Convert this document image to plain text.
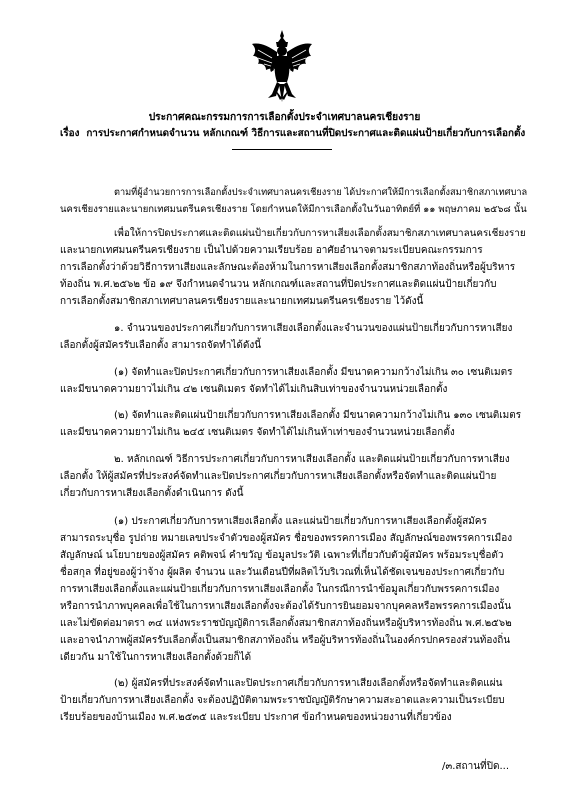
ประกาศคณะกรรมการการเลือกตั้งประจำเทศบาลนครเชียงราย
เรื่อง การประกาศกำหนดจำนวน หลักเกณฑ์ วิธีการและสถานที่ปิดประกาศและติดแผ่นป้ายเกี่ยวกับการเลือกตั้ง
ตามที่ผู้อำนวยการการเลือกตั้งประจำเทศบาลนครเชียงราย ได้ประกาศให้มีการเลือกตั้งสมาชิกสภาเทศบาล
นครเชียงรายและนายกเทศมนตรีนครเชียงราย โดยกำหนดให้มีการเลือกตั้งในวันอาทิตย์ที่ ๑๑ พฤษภาคม ๒๕๖๘ นั้น
เพื่อให้การปิดประกาศและติดแผ่นป้ายเกี่ยวกับการหาเสียงเลือกตั้งสมาชิกสภาเทศบาลนครเชียงราย
และนายกเทศมนตรีนครเชียงราย เป็นไปด้วยความเรียบร้อย อาศัยอำนาจตามระเบียบคณะกรรมการ
การเลือกตั้งว่าด้วยวิธีการหาเสียงและลักษณะต้องห้ามในการหาเสียงเลือกตั้งสมาชิกสภาท้องถิ่นหรือผู้บริหาร
ท้องถิ่น พ.ศ.๒๕๖๒ ข้อ ๑๙ จึงกำหนดจำนวน หลักเกณฑ์และสถานที่ปิดประกาศและติดแผ่นป้ายเกี่ยวกับ
การเลือกตั้งสมาชิกสภาเทศบาลนครเชียงรายและนายกเทศมนตรีนครเชียงราย ไว้ดังนี้
๑. จำนวนของประกาศเกี่ยวกับการหาเสียงเลือกตั้งและจำนวนของแผ่นป้ายเกี่ยวกับการหาเสียง
เลือกตั้งผู้สมัครรับเลือกตั้ง สามารถจัดทำได้ดังนี้
(๑) จัดทำและปิดประกาศเกี่ยวกับการหาเสียงเลือกตั้ง มีขนาดความกว้างไม่เกิน ๓๐ เซนติเมตร
และมีขนาดความยาวไม่เกิน ๔๒ เซนติเมตร จัดทำได้ไม่เกินสิบเท่าของจำนวนหน่วยเลือกตั้ง
(๒) จัดทำและติดแผ่นป้ายเกี่ยวกับการหาเสียงเลือกตั้ง มีขนาดความกว้างไม่เกิน ๑๓๐ เซนติเมตร
และมีขนาดความยาวไม่เกิน ๒๔๕ เซนติเมตร จัดทำได้ไม่เกินห้าเท่าของจำนวนหน่วยเลือกตั้ง
๒. หลักเกณฑ์ วิธีการประกาศเกี่ยวกับการหาเสียงเลือกตั้ง และติดแผ่นป้ายเกี่ยวกับการหาเสียง
เลือกตั้ง ให้ผู้สมัครที่ประสงค์จัดทำและปิดประกาศเกี่ยวกับการหาเสียงเลือกตั้งหรือจัดทำและติดแผ่นป้าย
เกี่ยวกับการหาเสียงเลือกตั้งดำเนินการ ดังนี้
(๑) ประกาศเกี่ยวกับการหาเสียงเลือกตั้ง และแผ่นป้ายเกี่ยวกับการหาเสียงเลือกตั้งผู้สมัคร
สามารถระบุชื่อ รูปถ่าย หมายเลขประจำตัวของผู้สมัคร ชื่อของพรรคการเมือง สัญลักษณ์ของพรรคการเมือง
สัญลักษณ์ นโยบายของผู้สมัคร คติพจน์ คำขวัญ ข้อมูลประวัติ เฉพาะที่เกี่ยวกับตัวผู้สมัคร พร้อมระบุชื่อตัว
ชื่อสกุล ที่อยู่ของผู้ว่าจ้าง ผู้ผลิต จำนวน และวันเดือนปีที่ผลิตไว้บริเวณที่เห็นได้ชัดเจนของประกาศเกี่ยวกับ
การหาเสียงเลือกตั้งและแผ่นป้ายเกี่ยวกับการหาเสียงเลือกตั้ง ในกรณีการนำข้อมูลเกี่ยวกับพรรคการเมือง
หรือการนำภาพบุคคลเพื่อใช้ในการหาเสียงเลือกตั้งจะต้องได้รับการยินยอมจากบุคคลหรือพรรคการเมืองนั้น
และไม่ขัดต่อมาตรา ๓๔ แห่งพระราชบัญญัติการเลือกตั้งสมาชิกสภาท้องถิ่นหรือผู้บริหารท้องถิ่น พ.ศ.๒๕๖๒
และอาจนำภาพผู้สมัครรับเลือกตั้งเป็นสมาชิกสภาท้องถิ่น หรือผู้บริหารท้องถิ่นในองค์กรปกครองส่วนท้องถิ่น
เดียวกัน มาใช้ในการหาเสียงเลือกตั้งด้วยก็ได้
(๒) ผู้สมัครที่ประสงค์จัดทำและปิดประกาศเกี่ยวกับการหาเสียงเลือกตั้งหรือจัดทำและติดแผ่น
ป้ายเกี่ยวกับการหาเสียงเลือกตั้ง จะต้องปฏิบัติตามพระราชบัญญัติรักษาความสะอาดและความเป็นระเบียบ
เรียบร้อยของบ้านเมือง พ.ศ.๒๕๓๕ และระเบียบ ประกาศ ข้อกำหนดของหน่วยงานที่เกี่ยวข้อง
/๓.สถานที่ปิด...
